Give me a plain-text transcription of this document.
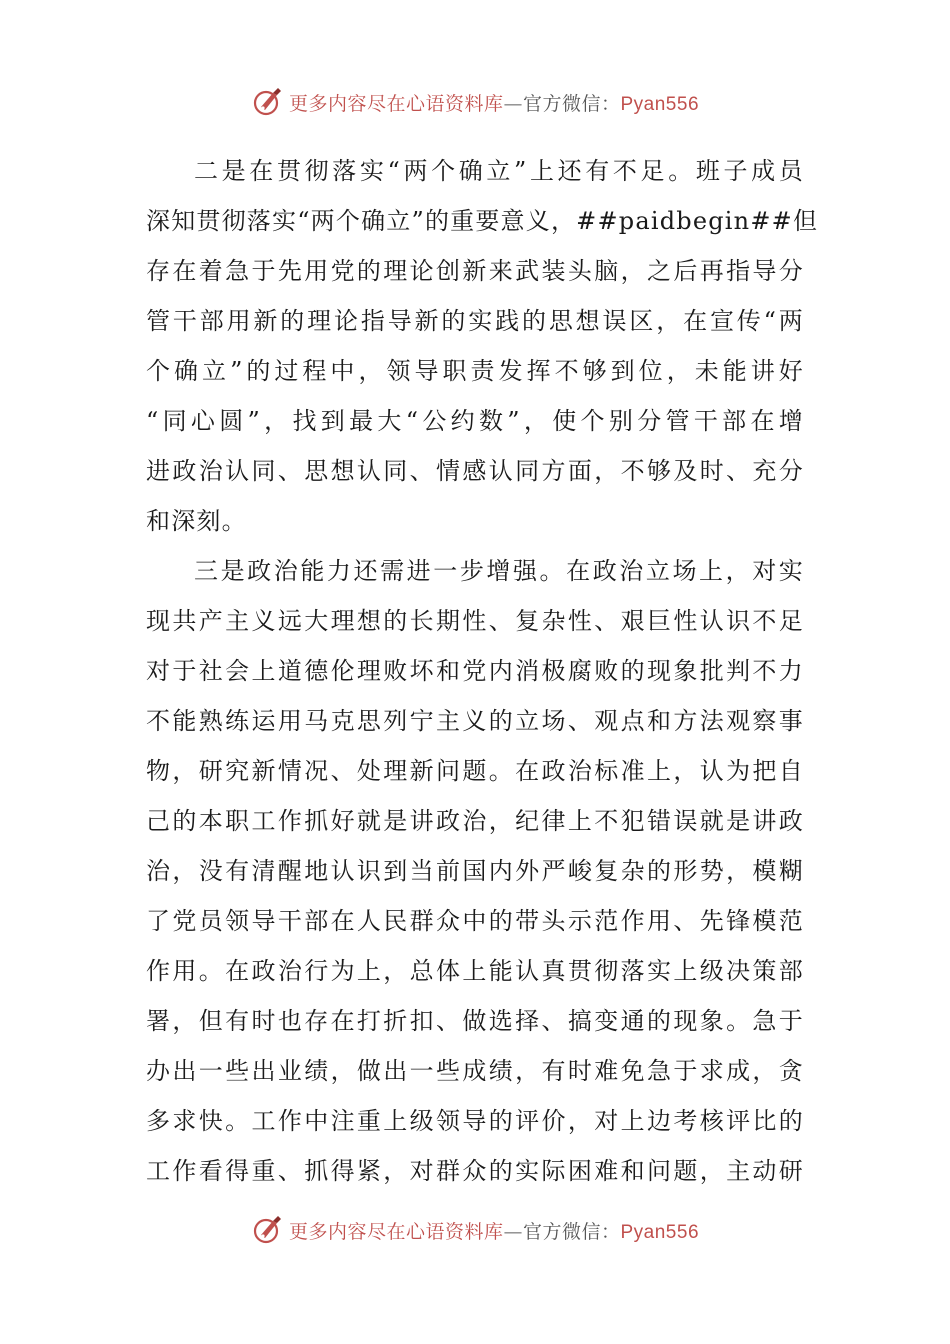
更多内容尽在心语资料库—官方微信：Pyan556
二是在贯彻落实“两个确立”上还有不足。班子成员
深知贯彻落实“两个确立”的重要意义，##paidbegin##但
存在着急于先用党的理论创新来武装头脑，之后再指导分
管干部用新的理论指导新的实践的思想误区，在宣传“两
个确立”的过程中，领导职责发挥不够到位，未能讲好
“同心圆”，找到最大“公约数”，使个别分管干部在增
进政治认同、思想认同、情感认同方面，不够及时、充分
和深刻。
三是政治能力还需进一步增强。在政治立场上，对实
现共产主义远大理想的长期性、复杂性、艰巨性认识不足
对于社会上道德伦理败坏和党内消极腐败的现象批判不力
不能熟练运用马克思列宁主义的立场、观点和方法观察事
物，研究新情况、处理新问题。在政治标准上，认为把自
己的本职工作抓好就是讲政治，纪律上不犯错误就是讲政
治，没有清醒地认识到当前国内外严峻复杂的形势，模糊
了党员领导干部在人民群众中的带头示范作用、先锋模范
作用。在政治行为上，总体上能认真贯彻落实上级决策部
署，但有时也存在打折扣、做选择、搞变通的现象。急于
办出一些出业绩，做出一些成绩，有时难免急于求成，贪
多求快。工作中注重上级领导的评价，对上边考核评比的
工作看得重、抓得紧，对群众的实际困难和问题，主动研
更多内容尽在心语资料库—官方微信：Pyan556
